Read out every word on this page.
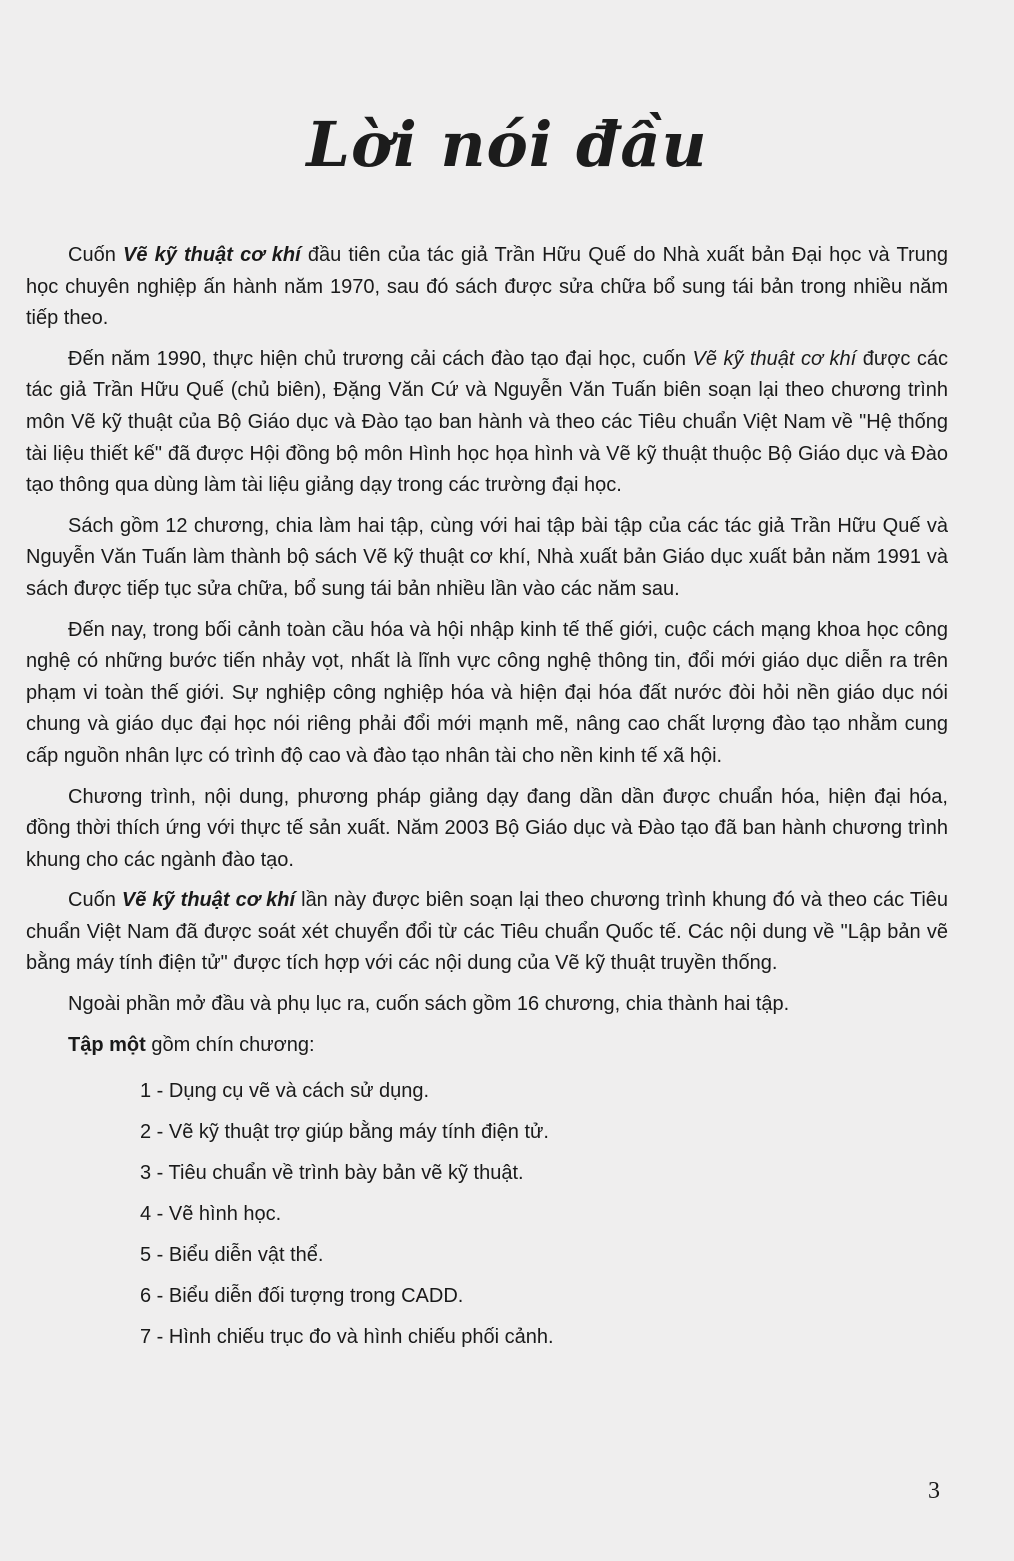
Lời nói đầu

Cuốn Vẽ kỹ thuật cơ khí đầu tiên của tác giả Trần Hữu Quế do Nhà xuất bản Đại học và Trung học chuyên nghiệp ấn hành năm 1970, sau đó sách được sửa chữa bổ sung tái bản trong nhiều năm tiếp theo.

Đến năm 1990, thực hiện chủ trương cải cách đào tạo đại học, cuốn Vẽ kỹ thuật cơ khí được các tác giả Trần Hữu Quế (chủ biên), Đặng Văn Cứ và Nguyễn Văn Tuấn biên soạn lại theo chương trình môn Vẽ kỹ thuật của Bộ Giáo dục và Đào tạo ban hành và theo các Tiêu chuẩn Việt Nam về "Hệ thống tài liệu thiết kế" đã được Hội đồng bộ môn Hình học họa hình và Vẽ kỹ thuật thuộc Bộ Giáo dục và Đào tạo thông qua dùng làm tài liệu giảng dạy trong các trường đại học.

Sách gồm 12 chương, chia làm hai tập, cùng với hai tập bài tập của các tác giả Trần Hữu Quế và Nguyễn Văn Tuấn làm thành bộ sách Vẽ kỹ thuật cơ khí, Nhà xuất bản Giáo dục xuất bản năm 1991 và sách được tiếp tục sửa chữa, bổ sung tái bản nhiều lần vào các năm sau.

Đến nay, trong bối cảnh toàn cầu hóa và hội nhập kinh tế thế giới, cuộc cách mạng khoa học công nghệ có những bước tiến nhảy vọt, nhất là lĩnh vực công nghệ thông tin, đổi mới giáo dục diễn ra trên phạm vi toàn thế giới. Sự nghiệp công nghiệp hóa và hiện đại hóa đất nước đòi hỏi nền giáo dục nói chung và giáo dục đại học nói riêng phải đổi mới mạnh mẽ, nâng cao chất lượng đào tạo nhằm cung cấp nguồn nhân lực có trình độ cao và đào tạo nhân tài cho nền kinh tế xã hội.

Chương trình, nội dung, phương pháp giảng dạy đang dần dần được chuẩn hóa, hiện đại hóa, đồng thời thích ứng với thực tế sản xuất. Năm 2003 Bộ Giáo dục và Đào tạo đã ban hành chương trình khung cho các ngành đào tạo.

Cuốn Vẽ kỹ thuật cơ khí lần này được biên soạn lại theo chương trình khung đó và theo các Tiêu chuẩn Việt Nam đã được soát xét chuyển đổi từ các Tiêu chuẩn Quốc tế. Các nội dung về "Lập bản vẽ bằng máy tính điện tử" được tích hợp với các nội dung của Vẽ kỹ thuật truyền thống.

Ngoài phần mở đầu và phụ lục ra, cuốn sách gồm 16 chương, chia thành hai tập.

Tập một gồm chín chương:

1 - Dụng cụ vẽ và cách sử dụng.
2 - Vẽ kỹ thuật trợ giúp bằng máy tính điện tử.
3 - Tiêu chuẩn về trình bày bản vẽ kỹ thuật.
4 - Vẽ hình học.
5 - Biểu diễn vật thể.
6 - Biểu diễn đối tượng trong CADD.
7 - Hình chiếu trục đo và hình chiếu phối cảnh.
3
